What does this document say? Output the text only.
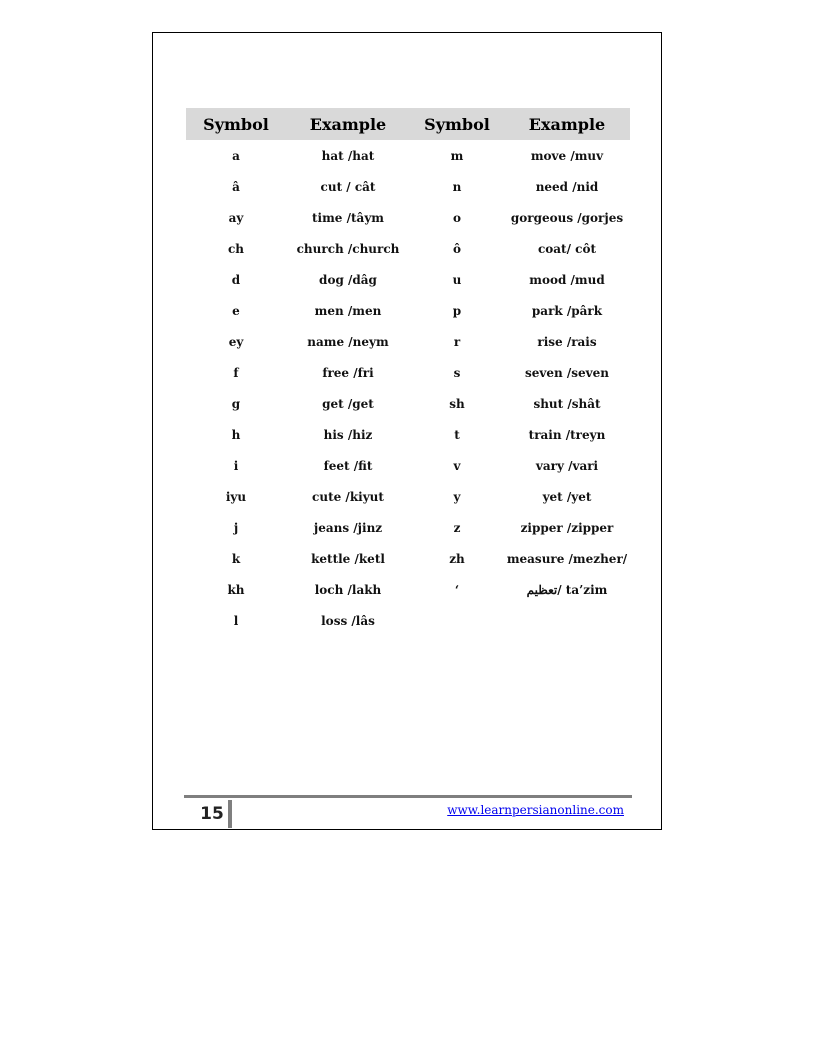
Symbol	Example	Symbol	Example
a	hat /hat	m	move /muv
â	cut / cât	n	need /nid
ay	time /tâym	o	gorgeous /gorjes
ch	church /church	ô	coat/ côt
d	dog /dâg	u	mood /mud
e	men /men	p	park /pârk
ey	name /neym	r	rise /rais
f	free /fri	s	seven /seven
g	get /get	sh	shut /shât
h	his /hiz	t	train /treyn
i	feet /fit	v	vary /vari
iyu	cute /kiyut	y	yet /yet
j	jeans /jinz	z	zipper /zipper
k	kettle /ketl	zh	measure /mezher/
kh	loch /lakh	‘	تعظیم/ ta’zim
l	loss /lâs		
15	www.learnpersianonline.com
